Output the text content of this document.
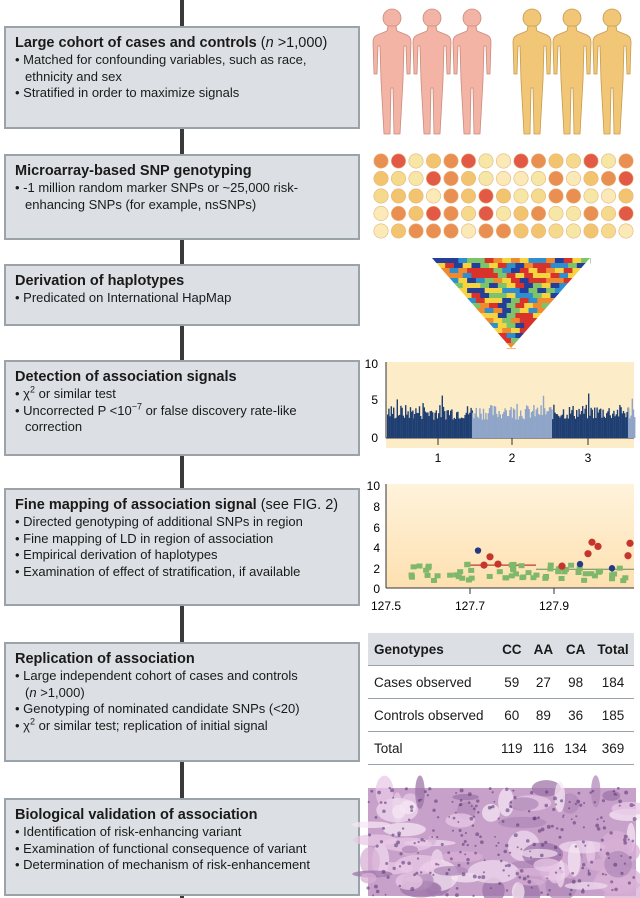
Large cohort of cases and controls (n >1,000)
• Matched for confounding variables, such as race, ethnicity and sex
• Stratified in order to maximize signals
Microarray-based SNP genotyping
• -1 million random marker SNPs or ~25,000 risk-enhancing SNPs (for example, nsSNPs)
Derivation of haplotypes
• Predicated on International HapMap
Detection of association signals
• $\chi^2$ or similar test
• Uncorrected $P <10^{-7}$ or false discovery rate-like
correction
Fine mapping of association signal (see FIG. 2)
• Directed genotyping of additional SNPs in region
• Fine mapping of LD in region of association
• Empirical derivation of haplotypes
• Examination of effect of stratification, if available
Replication of association
• Large independent cohort of cases and controls
(n >1,000)
• Genotyping of nominated candidate SNPs (<20)
• $\chi^2$ or similar test; replication of initial signal
Biological validation of association
• Identification of risk-enhancing variant
• Examination of functional consequence of variant
• Determination of mechanism of risk-enhancement
10
5
0
1	2	3
10
8
6
4
2
0
127.5	127.7	127.9
Genotypes	CC	AA	CA	Total
Cases observed	59	27	98	184
Controls observed	60	89	36	185
Total	119	116	134	369
